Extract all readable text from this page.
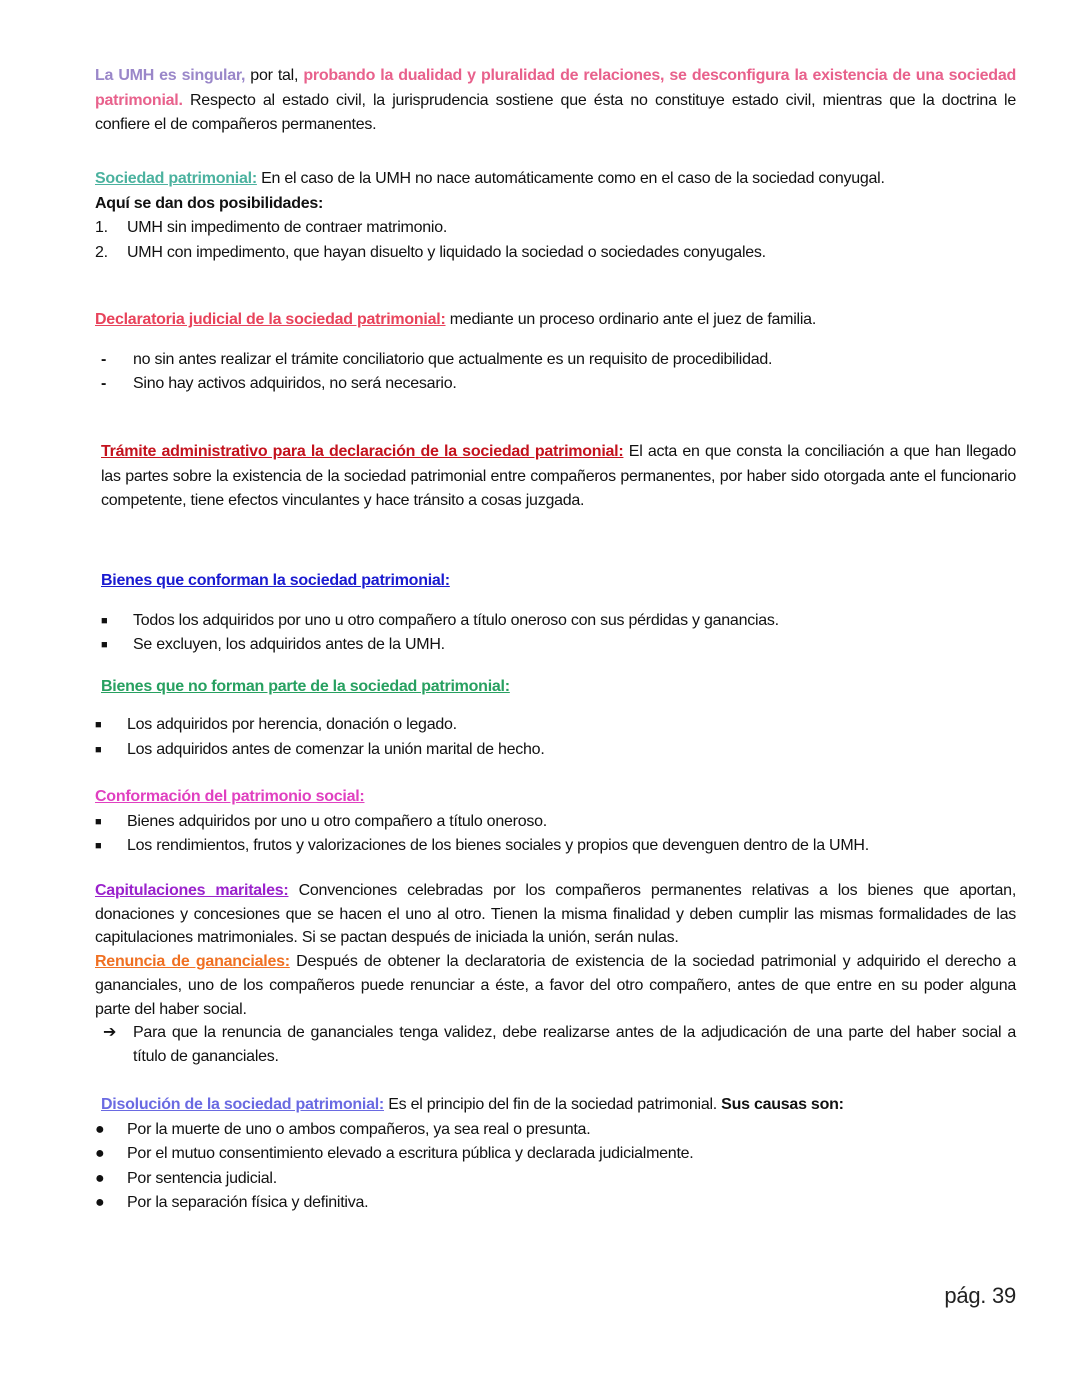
La UMH es singular, por tal, probando la dualidad y pluralidad de relaciones, se desconfigura la existencia de una sociedad patrimonial. Respecto al estado civil, la jurisprudencia sostiene que ésta no constituye estado civil, mientras que la doctrina le confiere el de compañeros permanentes.
Sociedad patrimonial: En el caso de la UMH no nace automáticamente como en el caso de la sociedad conyugal.
Aquí se dan dos posibilidades:
1.	UMH sin impedimento de contraer matrimonio.
2.	UMH con impedimento, que hayan disuelto y liquidado la sociedad o sociedades conyugales.
Declaratoria judicial de la sociedad patrimonial: mediante un proceso ordinario ante el juez de familia.
-	no sin antes realizar el trámite conciliatorio que actualmente es un requisito de procedibilidad.
-	Sino hay activos adquiridos, no será necesario.
Trámite administrativo para la declaración de la sociedad patrimonial: El acta en que consta la conciliación a que han llegado las partes sobre la existencia de la sociedad patrimonial entre compañeros permanentes, por haber sido otorgada ante el funcionario competente, tiene efectos vinculantes y hace tránsito a cosas juzgada.
Bienes que conforman la sociedad patrimonial:
■	Todos los adquiridos por uno u otro compañero a título oneroso con sus pérdidas y ganancias.
■	Se excluyen, los adquiridos antes de la UMH.
Bienes que no forman parte de la sociedad patrimonial:
■	Los adquiridos por herencia, donación o legado.
■	Los adquiridos antes de comenzar la unión marital de hecho.
Conformación del patrimonio social:
■	Bienes adquiridos por uno u otro compañero a título oneroso.
■	Los rendimientos, frutos y valorizaciones de los bienes sociales y propios que devenguen dentro de la UMH.
Capitulaciones maritales: Convenciones celebradas por los compañeros permanentes relativas a los bienes que aportan, donaciones y concesiones que se hacen el uno al otro. Tienen la misma finalidad y deben cumplir las mismas formalidades de las capitulaciones matrimoniales. Si se pactan después de iniciada la unión, serán nulas.
Renuncia de gananciales: Después de obtener la declaratoria de existencia de la sociedad patrimonial y adquirido el derecho a gananciales, uno de los compañeros puede renunciar a éste, a favor del otro compañero, antes de que entre en su poder alguna parte del haber social.
➔	Para que la renuncia de gananciales tenga validez, debe realizarse antes de la adjudicación de una parte del haber social a título de gananciales.
Disolución de la sociedad patrimonial: Es el principio del fin de la sociedad patrimonial. Sus causas son:
●	Por la muerte de uno o ambos compañeros, ya sea real o presunta.
●	Por el mutuo consentimiento elevado a escritura pública y declarada judicialmente.
●	Por sentencia judicial.
●	Por la separación física y definitiva.
pág. 39
